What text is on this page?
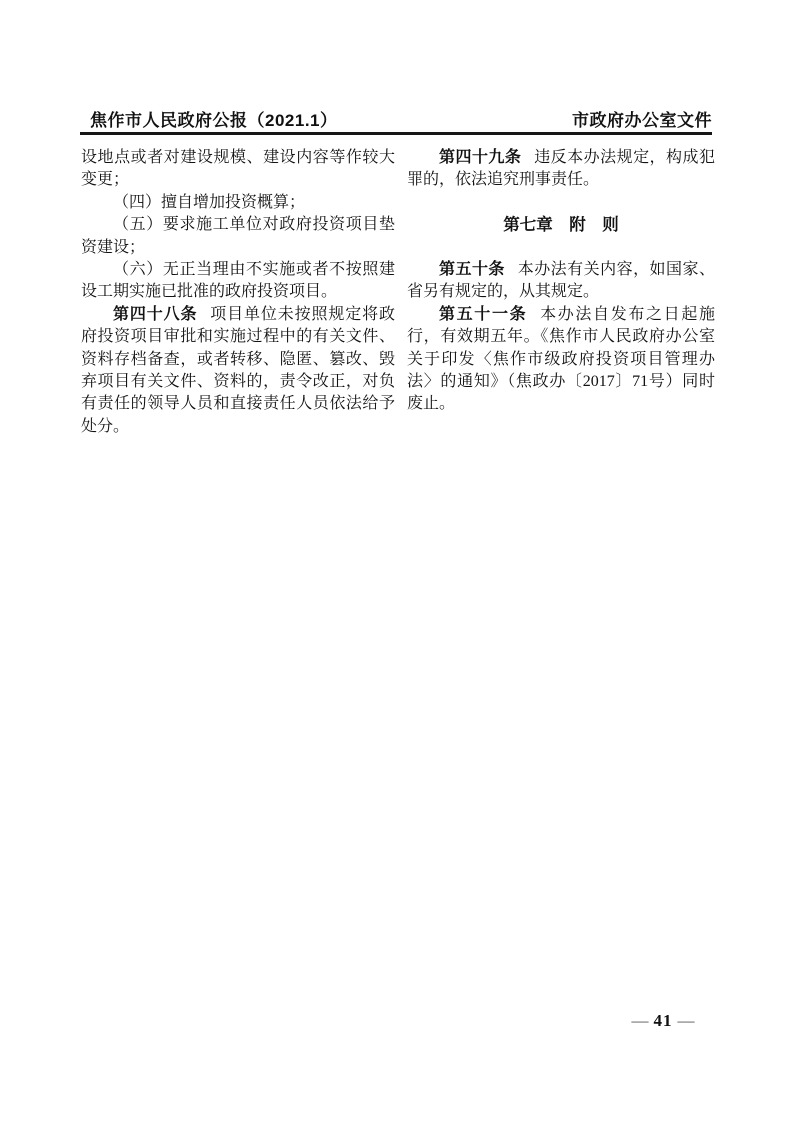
焦作市人民政府公报（2021.1）	市政府办公室文件

设地点或者对建设规模、建设内容等作较大变更；

（四）擅自增加投资概算；

（五）要求施工单位对政府投资项目垫资建设；

（六）无正当理由不实施或者不按照建设工期实施已批准的政府投资项目。

第四十八条 项目单位未按照规定将政府投资项目审批和实施过程中的有关文件、资料存档备查，或者转移、隐匿、篡改、毁弃项目有关文件、资料的，责令改正，对负有责任的领导人员和直接责任人员依法给予处分。

第四十九条 违反本办法规定，构成犯罪的，依法追究刑事责任。

第七章　附　则

第五十条 本办法有关内容，如国家、省另有规定的，从其规定。

第五十一条 本办法自发布之日起施行，有效期五年。《焦作市人民政府办公室关于印发〈焦作市级政府投资项目管理办法〉的通知》（焦政办〔2017〕71号）同时废止。

— 41 —
